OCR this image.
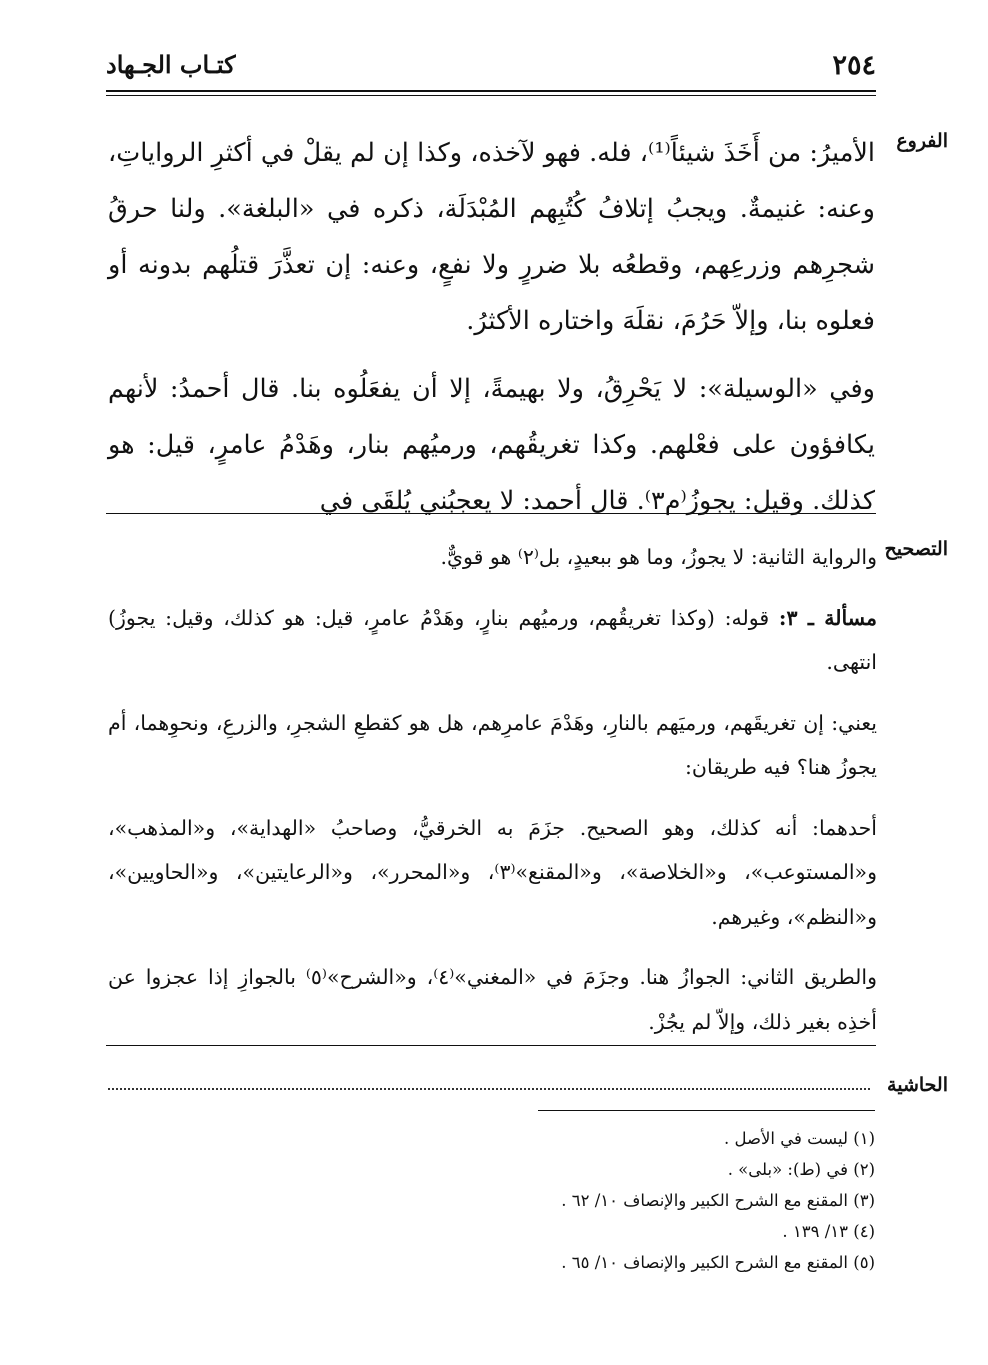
٢٥٤
كتـاب الجـهاد
الفروع

الأميرُ: من أَخَذَ شيئاً⁽¹⁾، فله. فهو لآخذه، وكذا إن لم يقلْ في أكثرِ الرواياتِ، وعنه: غنيمةٌ. ويجبُ إتلافُ كُتُبِهم المُبْدَلَة، ذكره في «البلغة». ولنا حرقُ شجرِهم وزرعِهم، وقطعُه بلا ضررٍ ولا نفعٍ، وعنه: إن تعذَّرَ قتلُهم بدونه أو فعلوه بنا، وإلاّ حَرُمَ، نقلَهَ واختاره الأكثرُ.

وفي «الوسيلة»: لا يَحْرِقُ، ولا بهيمةً، إلا أن يفعَلُوه بنا. قال أحمدُ: لأنهم يكافؤون على فعْلهم. وكذا تغريقُهم، ورميُهم بنار، وهَدْمُ عامرٍ، قيل: هو كذلك. وقيل: يجوزُ⁽م٣⁾. قال أحمد: لا يعجبُني يُلقَى في

التصحيح

والرواية الثانية: لا يجوزُ، وما هو ببعيدٍ، بل⁽٢⁾ هو قويٌّ.

مسألة ـ ٣: قوله: (وكذا تغريقُهم، ورميُهم بنارٍ، وهَدْمُ عامرٍ، قيل: هو كذلك، وقيل: يجوزُ) انتهى.

يعني: إن تغريقَهم، ورميَهم بالنارِ، وهَدْمَ عامرِهم، هل هو كقطعِ الشجرِ، والزرعِ، ونحوِهما، أم يجوزُ هنا؟ فيه طريقان:

أحدهما: أنه كذلك، وهو الصحيح. جزَمَ به الخرقيُّ، وصاحبُ «الهداية»، و«المذهب»، و«المستوعب»، و«الخلاصة»، و«المقنع»⁽٣⁾، و«المحرر»، و«الرعايتين»، و«الحاويين»، و«النظم»، وغيرهم.

والطريق الثاني: الجوازُ هنا. وجزَمَ في «المغني»⁽٤⁾، و«الشرح»⁽٥⁾ بالجوازِ إذا عجزوا عن أخذِه بغير ذلك، وإلاّ لم يجُزْ.

الحاشية
(١) ليست في الأصل .
(٢) في (ط): «بلى» .
(٣) المقنع مع الشرح الكبير والإنصاف ١٠/ ٦٢ .
(٤) ١٣/ ١٣٩ .
(٥) المقنع مع الشرح الكبير والإنصاف ١٠/ ٦٥ .
